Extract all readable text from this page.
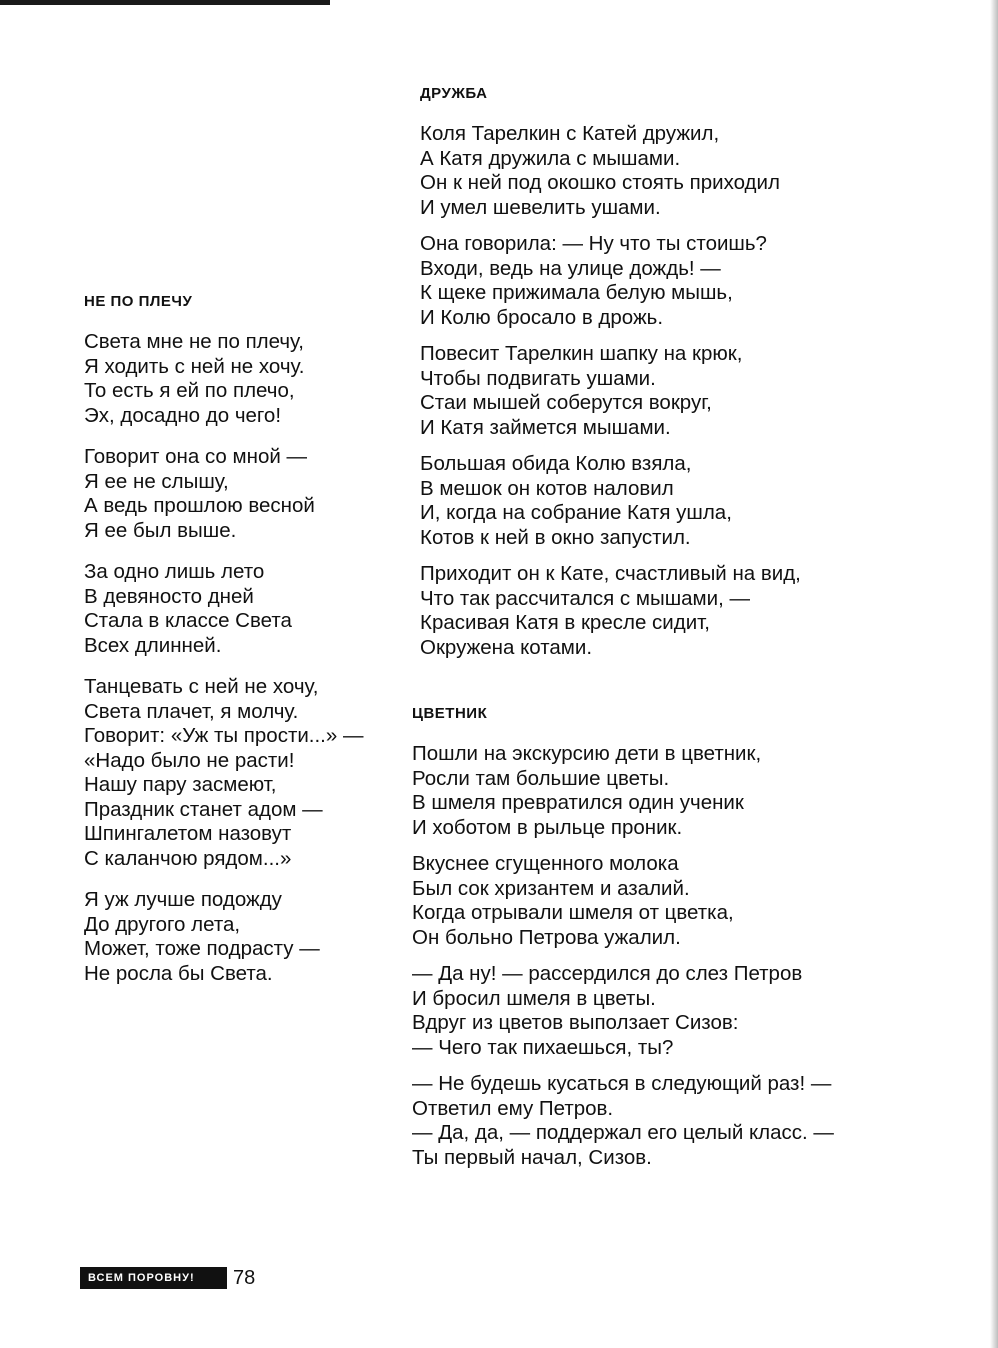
НЕ ПО ПЛЕЧУ
Света мне не по плечу,
Я ходить с ней не хочу.
То есть я ей по плечо,
Эх, досадно до чего!
Говорит она со мной —
Я ее не слышу,
А ведь прошлою весной
Я ее был выше.
За одно лишь лето
В девяносто дней
Стала в классе Света
Всех длинней.
Танцевать с ней не хочу,
Света плачет, я молчу.
Говорит: «Уж ты прости...» —
«Надо было не расти!
Нашу пару засмеют,
Праздник станет адом —
Шпингалетом назовут
С каланчою рядом...»
Я уж лучше подожду
До другого лета,
Может, тоже подрасту —
Не росла бы Света.
ДРУЖБА
Коля Тарелкин с Катей дружил,
А Катя дружила с мышами.
Он к ней под окошко стоять приходил
И умел шевелить ушами.
Она говорила: — Ну что ты стоишь?
Входи, ведь на улице дождь! —
К щеке прижимала белую мышь,
И Колю бросало в дрожь.
Повесит Тарелкин шапку на крюк,
Чтобы подвигать ушами.
Стаи мышей соберутся вокруг,
И Катя займется мышами.
Большая обида Колю взяла,
В мешок он котов наловил
И, когда на собрание Катя ушла,
Котов к ней в окно запустил.
Приходит он к Кате, счастливый на вид,
Что так рассчитался с мышами, —
Красивая Катя в кресле сидит,
Окружена котами.
ЦВЕТНИК
Пошли на экскурсию дети в цветник,
Росли там большие цветы.
В шмеля превратился один ученик
И хоботом в рыльце проник.
Вкуснее сгущенного молока
Был сок хризантем и азалий.
Когда отрывали шмеля от цветка,
Он больно Петрова ужалил.
— Да ну! — рассердился до слез Петров
И бросил шмеля в цветы.
Вдруг из цветов выползает Сизов:
— Чего так пихаешься, ты?
— Не будешь кусаться в следующий раз! —
Ответил ему Петров.
— Да, да, — поддержал его целый класс. —
Ты первый начал, Сизов.
ВСЕМ ПОРОВНУ!	78
